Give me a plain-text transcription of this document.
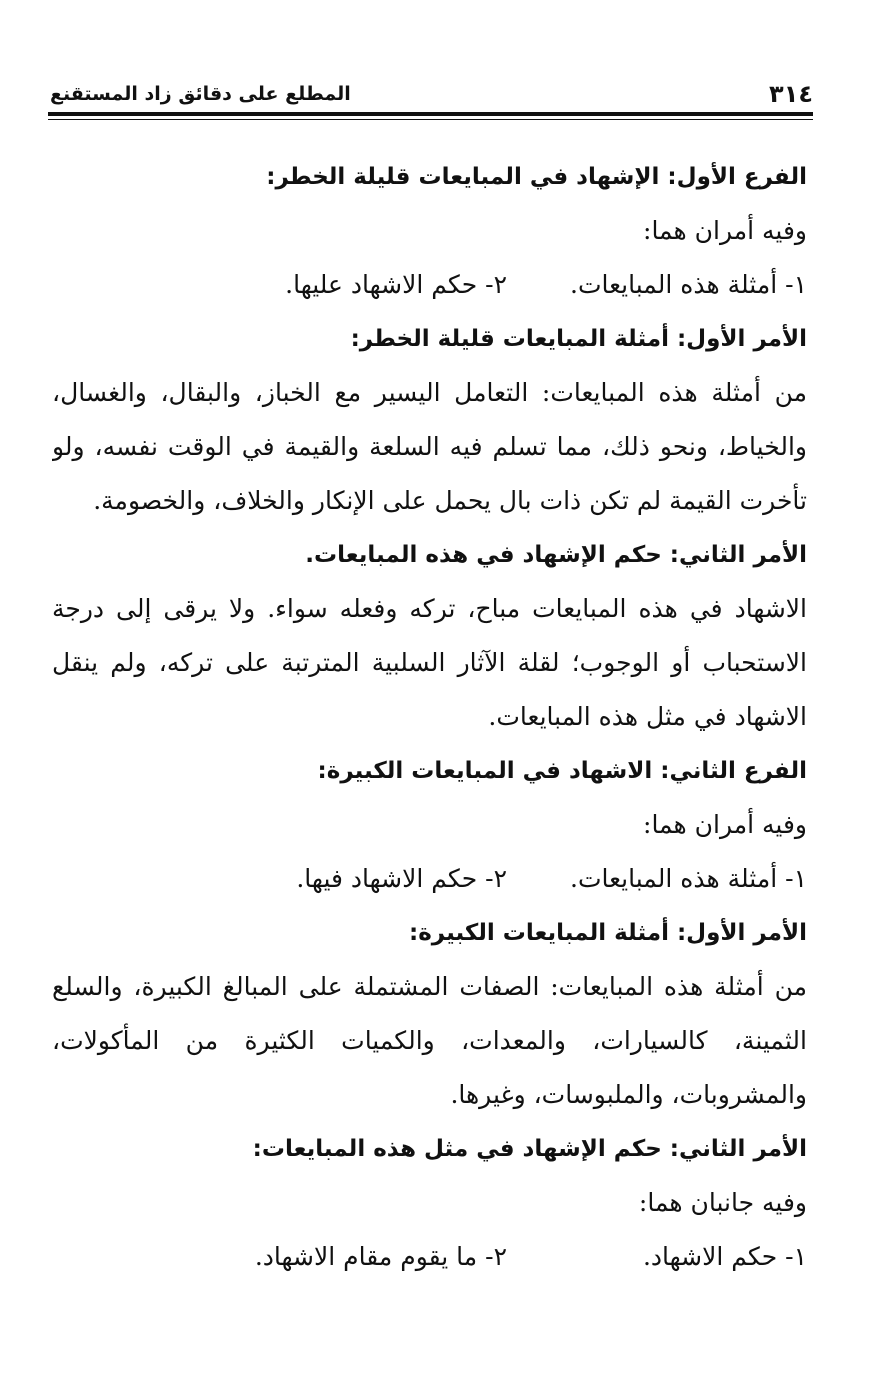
٣١٤
المطلع على دقائق زاد المستقنع
الفرع الأول: الإشهاد في المبايعات قليلة الخطر:
وفيه أمران هما:
١- أمثلة هذه المبايعات.
٢- حكم الاشهاد عليها.
الأمر الأول: أمثلة المبايعات قليلة الخطر:
من أمثلة هذه المبايعات: التعامل اليسير مع الخباز، والبقال، والغسال،
والخياط، ونحو ذلك، مما تسلم فيه السلعة والقيمة في الوقت نفسه، ولو
تأخرت القيمة لم تكن ذات بال يحمل على الإنكار والخلاف، والخصومة.
الأمر الثاني: حكم الإشهاد في هذه المبايعات.
الاشهاد في هذه المبايعات مباح، تركه وفعله سواء. ولا يرقى إلى درجة
الاستحباب أو الوجوب؛ لقلة الآثار السلبية المترتبة على تركه، ولم ينقل
الاشهاد في مثل هذه المبايعات.
الفرع الثاني: الاشهاد في المبايعات الكبيرة:
وفيه أمران هما:
١- أمثلة هذه المبايعات.
٢- حكم الاشهاد فيها.
الأمر الأول: أمثلة المبايعات الكبيرة:
من أمثلة هذه المبايعات: الصفات المشتملة على المبالغ الكبيرة، والسلع
الثمينة، كالسيارات، والمعدات، والكميات الكثيرة من المأكولات،
والمشروبات، والملبوسات، وغيرها.
الأمر الثاني: حكم الإشهاد في مثل هذه المبايعات:
وفيه جانبان هما:
١- حكم الاشهاد.
٢- ما يقوم مقام الاشهاد.
